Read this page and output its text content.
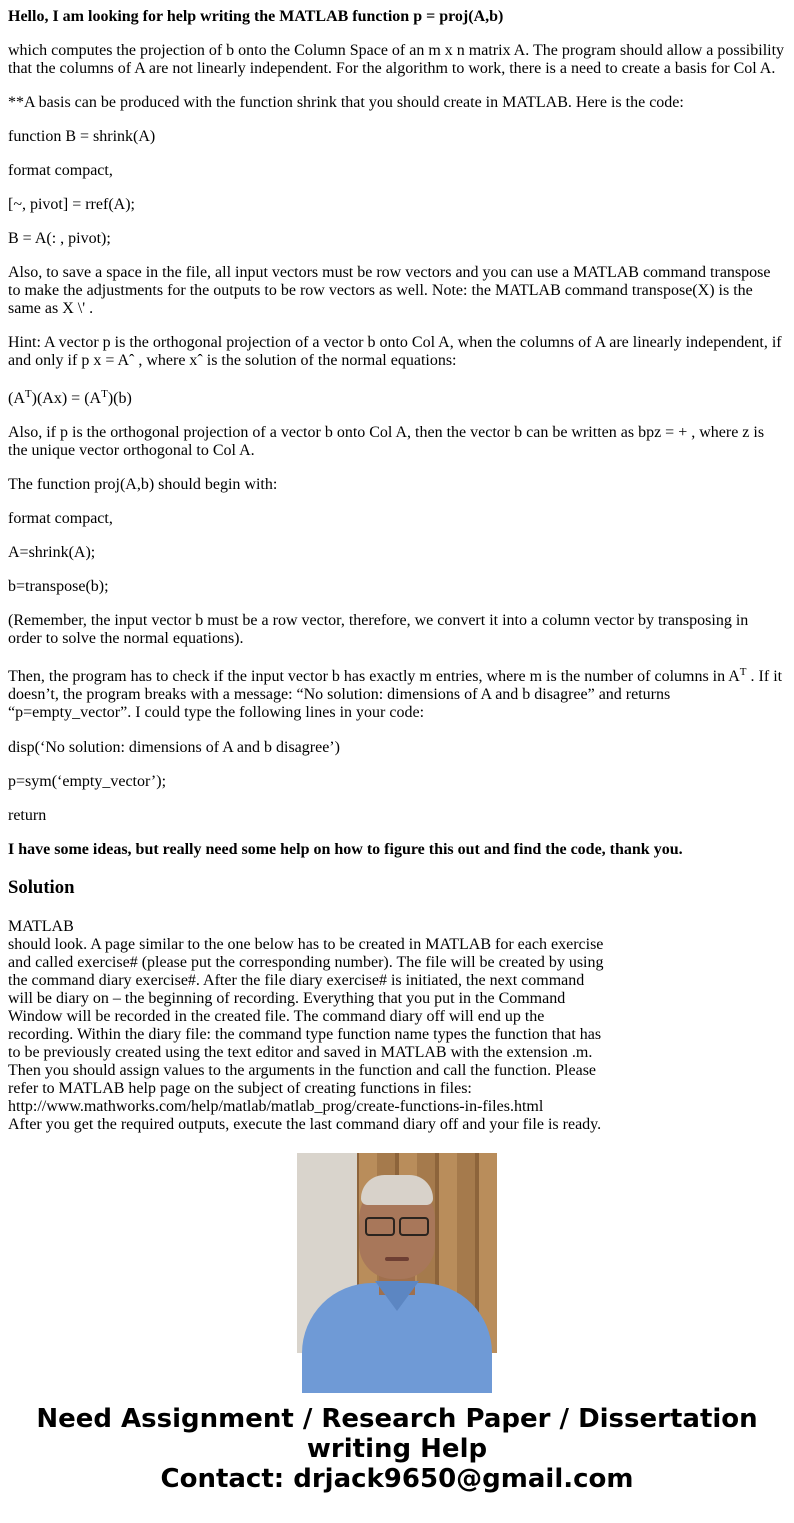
Hello, I am looking for help writing the MATLAB function p = proj(A,b)
which computes the projection of b onto the Column Space of an m x n matrix A. The program should allow a possibility that the columns of A are not linearly independent. For the algorithm to work, there is a need to create a basis for Col A.
**A basis can be produced with the function shrink that you should create in MATLAB. Here is the code:
function B = shrink(A)
format compact,
[~, pivot] = rref(A);
B = A(: , pivot);
Also, to save a space in the file, all input vectors must be row vectors and you can use a MATLAB command transpose to make the adjustments for the outputs to be row vectors as well. Note: the MATLAB command transpose(X) is the same as X \' .
Hint: A vector p is the orthogonal projection of a vector b onto Col A, when the columns of A are linearly independent, if and only if p x = Aˆ , where xˆ is the solution of the normal equations:
$(A^T)(Ax) = (A^T)(b)$
Also, if p is the orthogonal projection of a vector b onto Col A, then the vector b can be written as bpz = + , where z is the unique vector orthogonal to Col A.
The function proj(A,b) should begin with:
format compact,
A=shrink(A);
b=transpose(b);
(Remember, the input vector b must be a row vector, therefore, we convert it into a column vector by transposing in order to solve the normal equations).
Then, the program has to check if the input vector b has exactly m entries, where m is the number of columns in $A^T$ . If it doesn’t, the program breaks with a message: “No solution: dimensions of A and b disagree” and returns “p=empty_vector”. I could type the following lines in your code:
disp(‘No solution: dimensions of A and b disagree’)
p=sym(‘empty_vector’);
return
I have some ideas, but really need some help on how to figure this out and find the code, thank you.
Solution
MATLAB
should look. A page similar to the one below has to be created in MATLAB for each exercise
and called exercise# (please put the corresponding number). The file will be created by using
the command diary exercise#. After the file diary exercise# is initiated, the next command
will be diary on – the beginning of recording. Everything that you put in the Command
Window will be recorded in the created file. The command diary off will end up the
recording. Within the diary file: the command type function name types the function that has
to be previously created using the text editor and saved in MATLAB with the extension .m.
Then you should assign values to the arguments in the function and call the function. Please
refer to MATLAB help page on the subject of creating functions in files:
http://www.mathworks.com/help/matlab/matlab_prog/create-functions-in-files.html
After you get the required outputs, execute the last command diary off and your file is ready.
Need Assignment / Research Paper / Dissertation
writing Help
Contact: drjack9650@gmail.com
